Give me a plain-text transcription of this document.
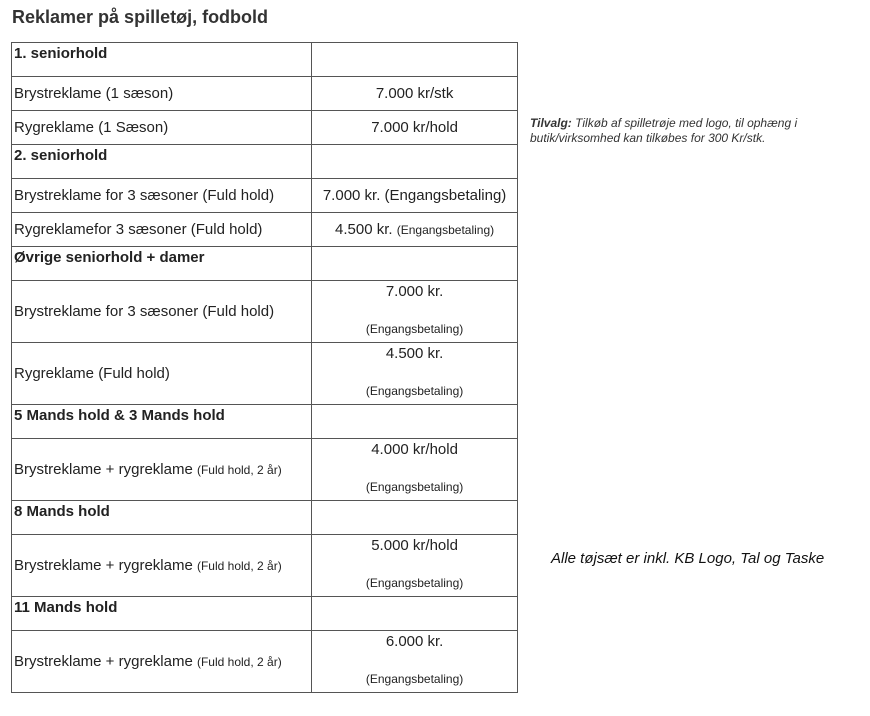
Reklamer på spilletøj, fodbold
1. seniorhold	
Brystreklame (1 sæson)	7.000 kr/stk
Rygreklame (1 Sæson)	7.000 kr/hold
2. seniorhold	
Brystreklame for 3 sæsoner (Fuld hold)	7.000 kr. (Engangsbetaling)
Rygreklamefor 3 sæsoner (Fuld hold)	4.500 kr. (Engangsbetaling)
Øvrige seniorhold + damer	
Brystreklame for 3 sæsoner (Fuld hold)	7.000 kr.
(Engangsbetaling)

Rygreklame (Fuld hold)	4.500 kr.
(Engangsbetaling)

5 Mands hold & 3 Mands hold	
Brystreklame + rygreklame (Fuld hold, 2 år)	4.000 kr/hold
(Engangsbetaling)

8 Mands hold	
Brystreklame + rygreklame (Fuld hold, 2 år)	5.000 kr/hold
(Engangsbetaling)

11 Mands hold	
Brystreklame + rygreklame (Fuld hold, 2 år)	6.000 kr.
(Engangsbetaling)
Tilvalg: Tilkøb af spilletrøje med logo, til ophæng i butik/virksomhed kan tilkøbes for 300 Kr/stk.
Alle tøjsæt er inkl. KB Logo, Tal og Taske
